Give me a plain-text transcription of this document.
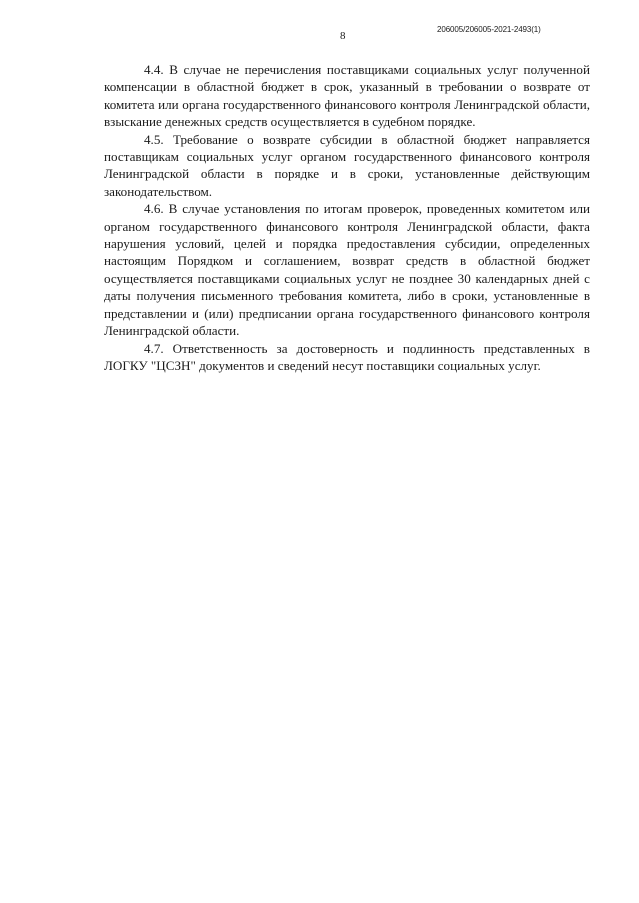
8
206005/206005-2021-2493(1)

4.4. В случае не перечисления поставщиками социальных услуг полученной компенсации в областной бюджет в срок, указанный в требовании о возврате от комитета или органа государственного финансового контроля Ленинградской области, взыскание денежных средств осуществляется в судебном порядке.

4.5. Требование о возврате субсидии в областной бюджет направляется поставщикам социальных услуг органом государственного финансового контроля Ленинградской области в порядке и в сроки, установленные действующим законодательством.

4.6. В случае установления по итогам проверок, проведенных комитетом или органом государственного финансового контроля Ленинградской области, факта нарушения условий, целей и порядка предоставления субсидии, определенных настоящим Порядком и соглашением, возврат средств в областной бюджет осуществляется поставщиками социальных услуг не позднее 30 календарных дней с даты получения письменного требования комитета, либо в сроки, установленные в представлении и (или) предписании органа государственного финансового контроля Ленинградской области.

4.7. Ответственность за достоверность и подлинность представленных в ЛОГКУ "ЦСЗН" документов и сведений несут поставщики социальных услуг.
